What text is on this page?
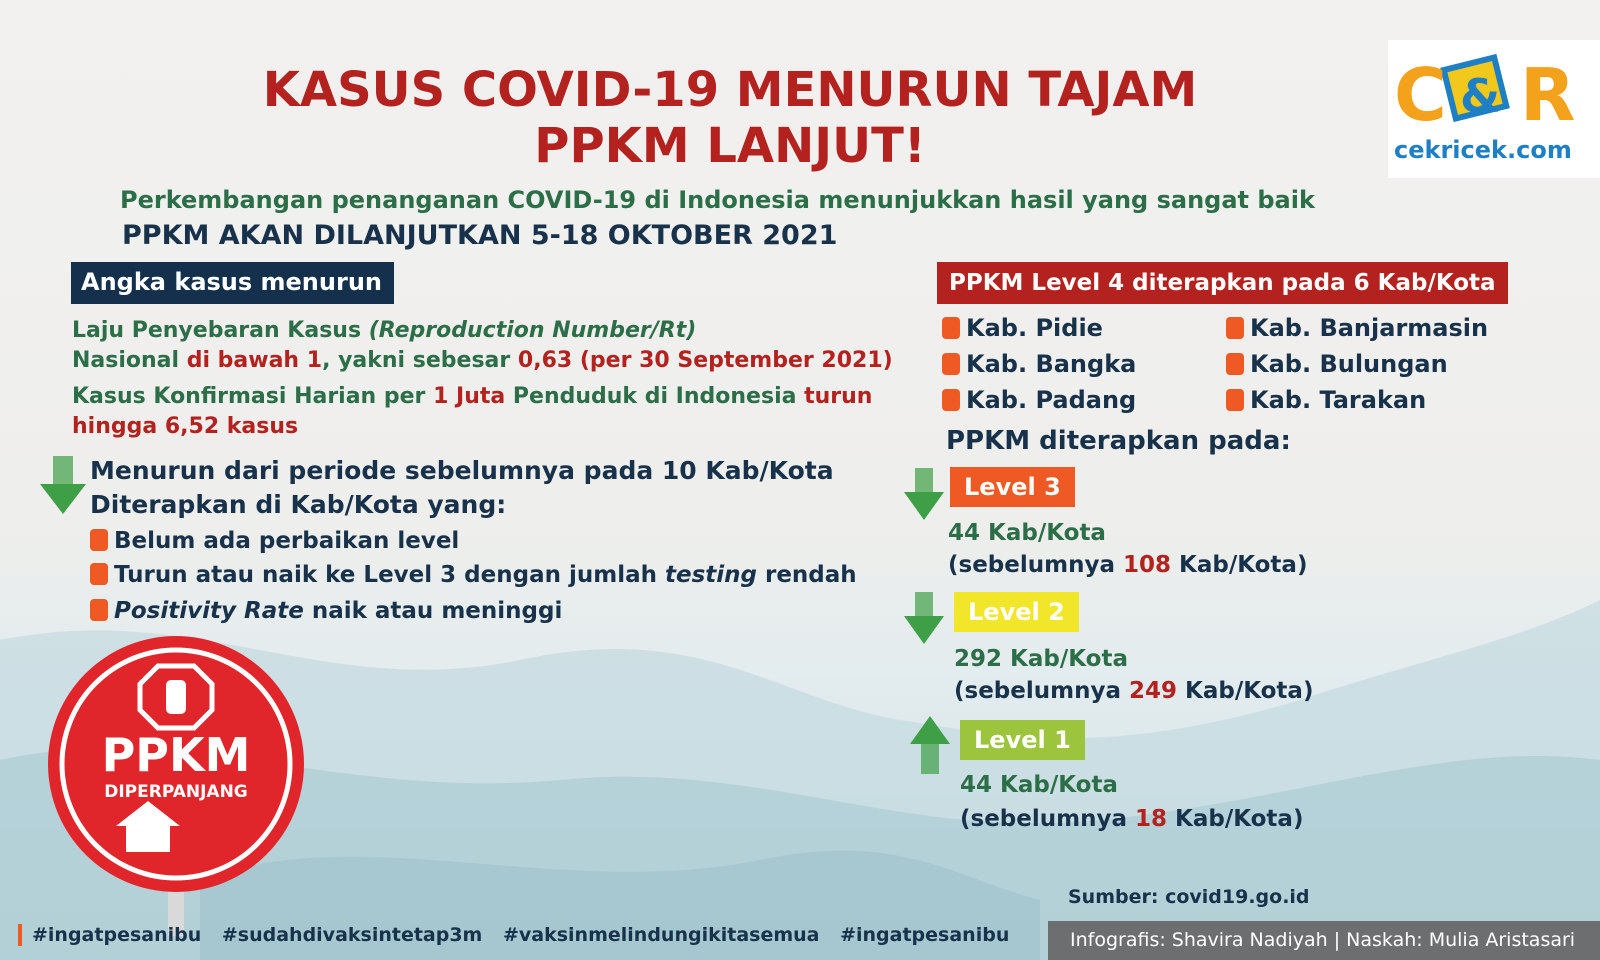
C & R
cekricek.com
KASUS COVID-19 MENURUN TAJAM
PPKM LANJUT!
Perkembangan penanganan COVID-19 di Indonesia menunjukkan hasil yang sangat baik
PPKM AKAN DILANJUTKAN 5-18 OKTOBER 2021
Angka kasus menurun
Laju Penyebaran Kasus (Reproduction Number/Rt)
Nasional di bawah 1, yakni sebesar 0,63 (per 30 September 2021)
Kasus Konfirmasi Harian per 1 Juta Penduduk di Indonesia turun
hingga 6,52 kasus
Menurun dari periode sebelumnya pada 10 Kab/Kota
Diterapkan di Kab/Kota yang:
Belum ada perbaikan level
Turun atau naik ke Level 3 dengan jumlah testing rendah
Positivity Rate naik atau meninggi
PPKM
DIPERPANJANG
PPKM Level 4 diterapkan pada 6 Kab/Kota
Kab. Pidie	Kab. Banjarmasin
Kab. Bangka	Kab. Bulungan
Kab. Padang	Kab. Tarakan
PPKM diterapkan pada:
Level 3
44 Kab/Kota
(sebelumnya 108 Kab/Kota)
Level 2
292 Kab/Kota
(sebelumnya 249 Kab/Kota)
Level 1
44 Kab/Kota
(sebelumnya 18 Kab/Kota)
Sumber: covid19.go.id
#ingatpesanibu #sudahdivaksintetap3m #vaksinmelindungikitasemua #ingatpesanibu	Infografis: Shavira Nadiyah | Naskah: Mulia Aristasari
